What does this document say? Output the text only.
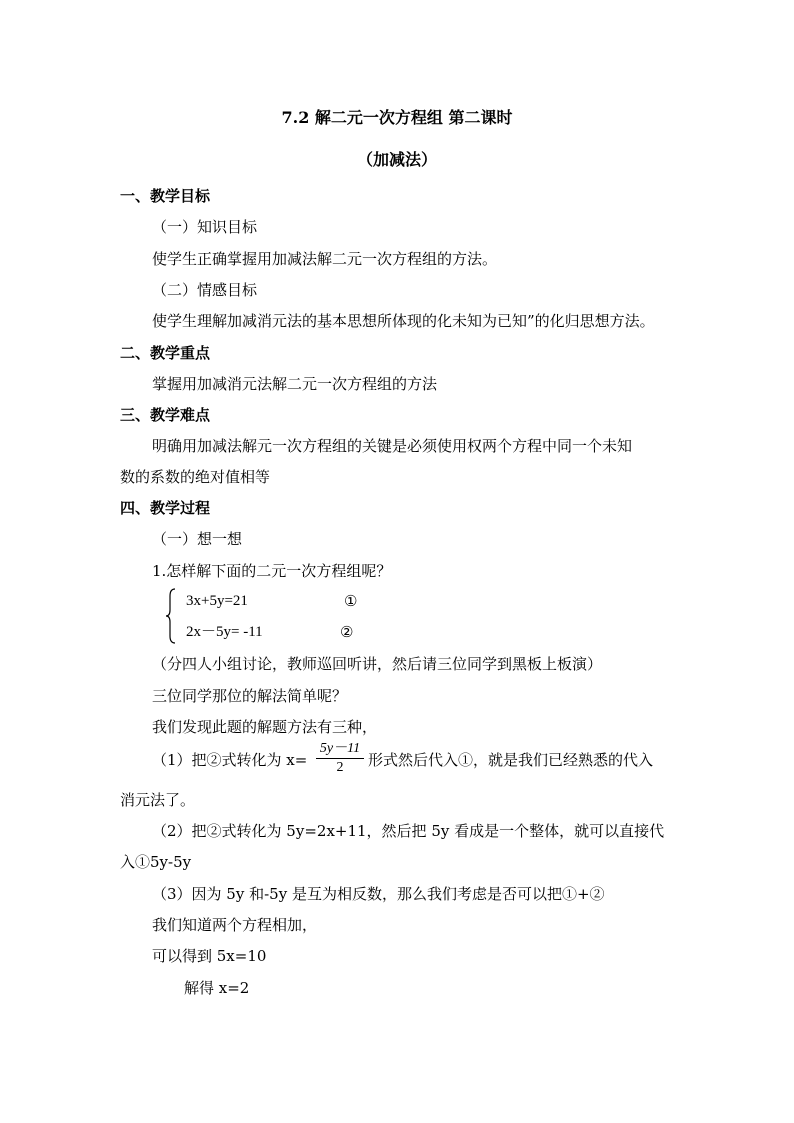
7.2 解二元一次方程组 第二课时
（加减法）
一、教学目标
（一）知识目标
使学生正确掌握用加减法解二元一次方程组的方法。
（二）情感目标
使学生理解加减消元法的基本思想所体现的化未知为已知”的化归思想方法。
二、教学重点
掌握用加减消元法解二元一次方程组的方法
三、教学难点
明确用加减法解元一次方程组的关键是必须使用权两个方程中同一个未知
数的系数的绝对值相等
四、教学过程
（一）想一想
1.怎样解下面的二元一次方程组呢？
3x+5y=21	①
2x－5y= -11	②
（分四人小组讨论，教师巡回听讲，然后请三位同学到黑板上板演）
三位同学那位的解法简单呢？
我们发现此题的解题方法有三种，
（1）把②式转化为 $x= \frac{5y-11}{2}$ 形式然后代入①，就是我们已经熟悉的代入
消元法了。
（2）把②式转化为 5y=2x+11，然后把 5y 看成是一个整体，就可以直接代
入①5y-5y
（3）因为 5y 和-5y 是互为相反数，那么我们考虑是否可以把①+②
我们知道两个方程相加，
可以得到 5x=10
解得 x=2
